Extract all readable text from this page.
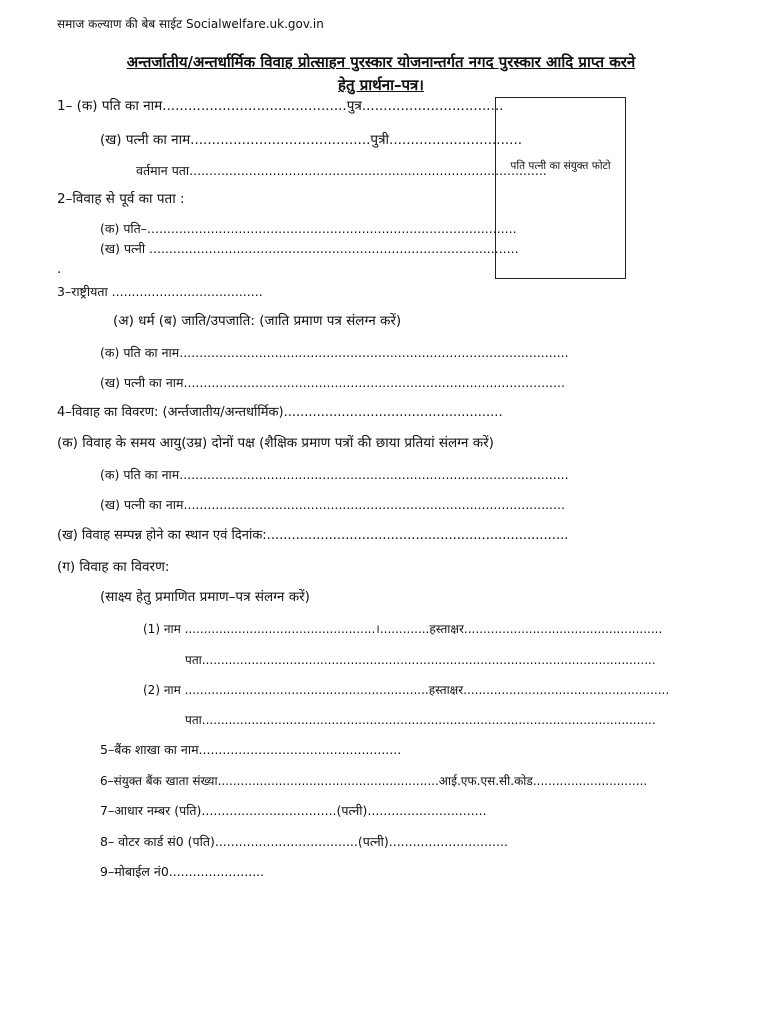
समाज कल्याण की बेब साईट Socialwelfare.uk.gov.in
अन्तर्जातीय/अन्तर्धार्मिक विवाह प्रोत्साहन पुरस्कार योजनान्तर्गत नगद पुरस्कार आदि प्राप्त करने
हेतु प्रार्थना–पत्र।
पति पत्नी का संयुक्त फोटो
1– (क) पति का नाम...........................................पुत्र.................................
(ख) पत्नी का नाम..........................................पुत्री...............................
वर्तमान पता..........................................................................................
2–विवाह से पूर्व का पता :
(क) पति–.............................................................................................
(ख) पत्नी .............................................................................................
.
3–राष्ट्रीयता ......................................
(अ) धर्म (ब) जाति/उपजाति: (जाति प्रमाण पत्र संलग्न करें)
(क) पति का नाम..................................................................................................
(ख) पत्नी का नाम................................................................................................
4–विवाह का विवरण: (अर्न्तजातीय/अन्तर्धार्मिक).....................................................
(क) विवाह के समय आयु(उम्र) दोनों पक्ष (शैक्षिक प्रमाण पत्रों की छाया प्रतियां संलग्न करें)
(क) पति का नाम..................................................................................................
(ख) पत्नी का नाम................................................................................................
(ख) विवाह सम्पन्न होने का स्थान एवं दिनांक:.........................................................................
(ग) विवाह का विवरण:
(साक्ष्य हेतु प्रमाणित प्रमाण–पत्र संलग्न करें)
(1) नाम ..................................................।.............हस्ताक्षर....................................................
पता.......................................................................................................................
(2) नाम ................................................................हस्ताक्षर......................................................
पता.......................................................................................................................
5–बैंक शाखा का नाम...................................................
6–संयुक्त बैंक खाता संख्या..........................................................आई.एफ.एस.सी.कोड..............................
7–आधार नम्बर (पति)..................................(पत्नी)..............................
8– वोटर कार्ड सं0 (पति)....................................(पत्नी)..............................
9–मोबाईल नं0........................
